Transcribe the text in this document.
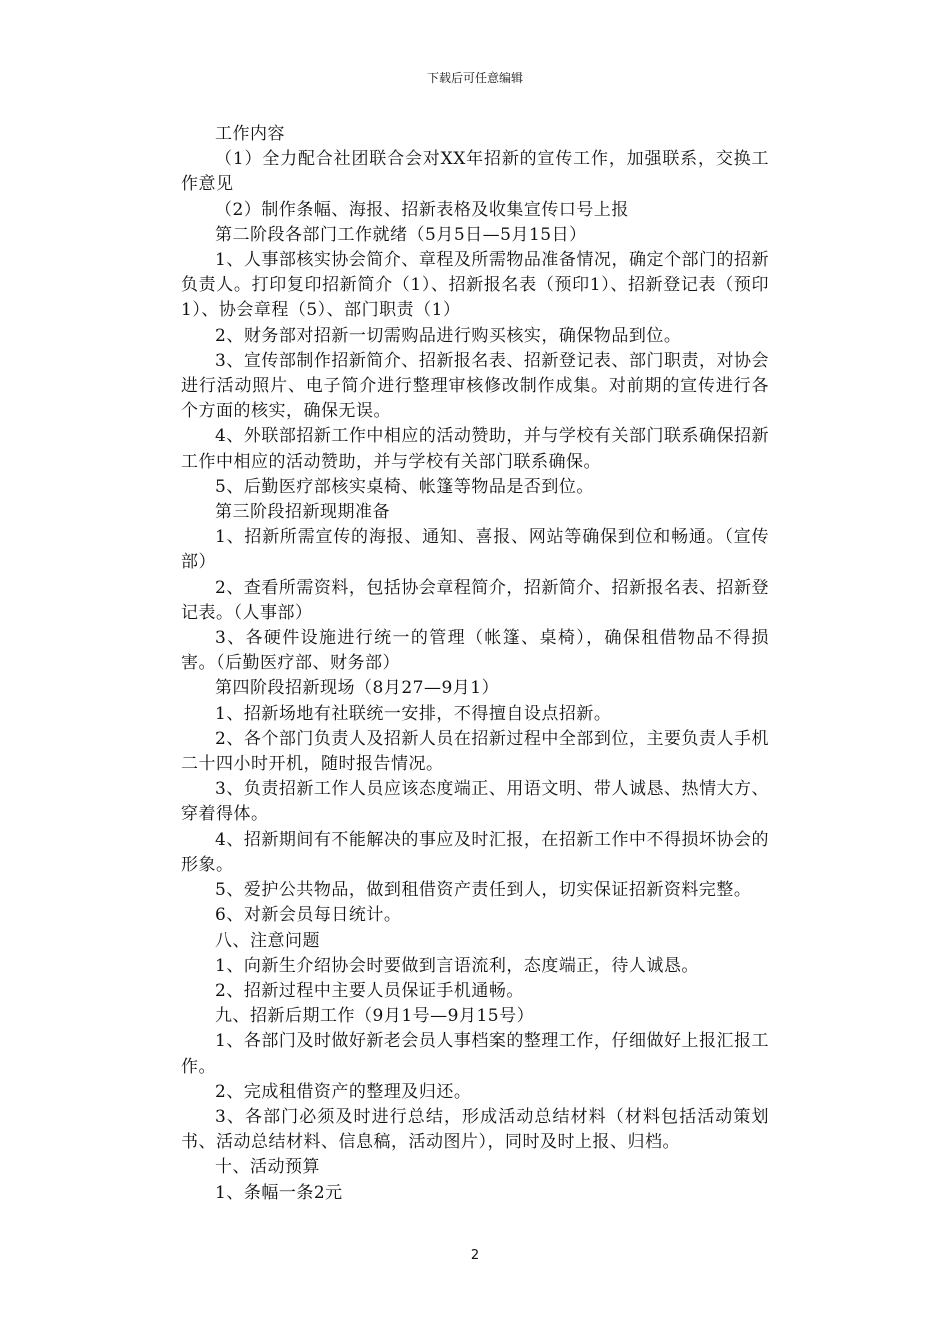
下载后可任意编辑

工作内容

（1）全力配合社团联合会对XX年招新的宣传工作，加强联系，交换工作意见

（2）制作条幅、海报、招新表格及收集宣传口号上报

第二阶段各部门工作就绪（5月5日—5月15日）

1、人事部核实协会简介、章程及所需物品准备情况，确定个部门的招新负责人。打印复印招新简介（1）、招新报名表（预印1）、招新登记表（预印1）、协会章程（5）、部门职责（1）

2、财务部对招新一切需购品进行购买核实，确保物品到位。

3、宣传部制作招新简介、招新报名表、招新登记表、部门职责，对协会进行活动照片、电子简介进行整理审核修改制作成集。对前期的宣传进行各个方面的核实，确保无误。

4、外联部招新工作中相应的活动赞助，并与学校有关部门联系确保招新工作中相应的活动赞助，并与学校有关部门联系确保。

5、后勤医疗部核实桌椅、帐篷等物品是否到位。

第三阶段招新现期准备

1、招新所需宣传的海报、通知、喜报、网站等确保到位和畅通。（宣传部）

2、查看所需资料，包括协会章程简介，招新简介、招新报名表、招新登记表。（人事部）

3、各硬件设施进行统一的管理（帐篷、桌椅），确保租借物品不得损害。（后勤医疗部、财务部）

第四阶段招新现场（8月27—9月1）

1、招新场地有社联统一安排，不得擅自设点招新。

2、各个部门负责人及招新人员在招新过程中全部到位，主要负责人手机二十四小时开机，随时报告情况。

3、负责招新工作人员应该态度端正、用语文明、带人诚恳、热情大方、穿着得体。

4、招新期间有不能解决的事应及时汇报，在招新工作中不得损坏协会的形象。

5、爱护公共物品，做到租借资产责任到人，切实保证招新资料完整。

6、对新会员每日统计。

八、注意问题

1、向新生介绍协会时要做到言语流利，态度端正，待人诚恳。

2、招新过程中主要人员保证手机通畅。

九、招新后期工作（9月1号—9月15号）

1、各部门及时做好新老会员人事档案的整理工作，仔细做好上报汇报工作。

2、完成租借资产的整理及归还。

3、各部门必须及时进行总结，形成活动总结材料（材料包括活动策划书、活动总结材料、信息稿，活动图片），同时及时上报、归档。

十、活动预算

1、条幅一条2元

2
